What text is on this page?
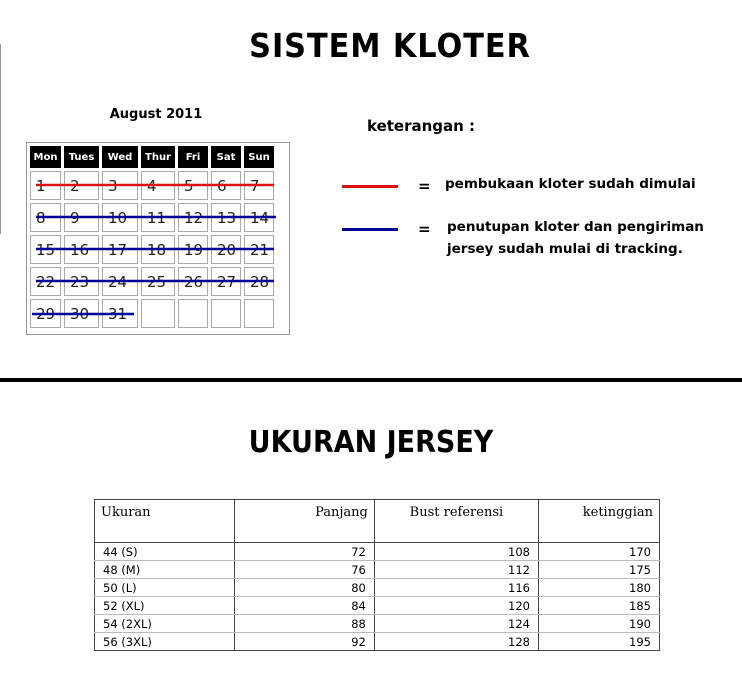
SISTEM KLOTER
August 2011
Mon	Tues	Wed	Thur	Fri	Sat	Sun
1	2	3	4	5	6	7
8	9	10	11	12	13	14
15	16	17	18	19	20	21
22	23	24	25	26	27	28
29	30	31				
keterangan :
= pembukaan kloter sudah dimulai
= penutupan kloter dan pengiriman
jersey sudah mulai di tracking.
UKURAN JERSEY
Ukuran	Panjang	Bust referensi	ketinggian
44 (S)	72	108	170
48 (M)	76	112	175
50 (L)	80	116	180
52 (XL)	84	120	185
54 (2XL)	88	124	190
56 (3XL)	92	128	195
